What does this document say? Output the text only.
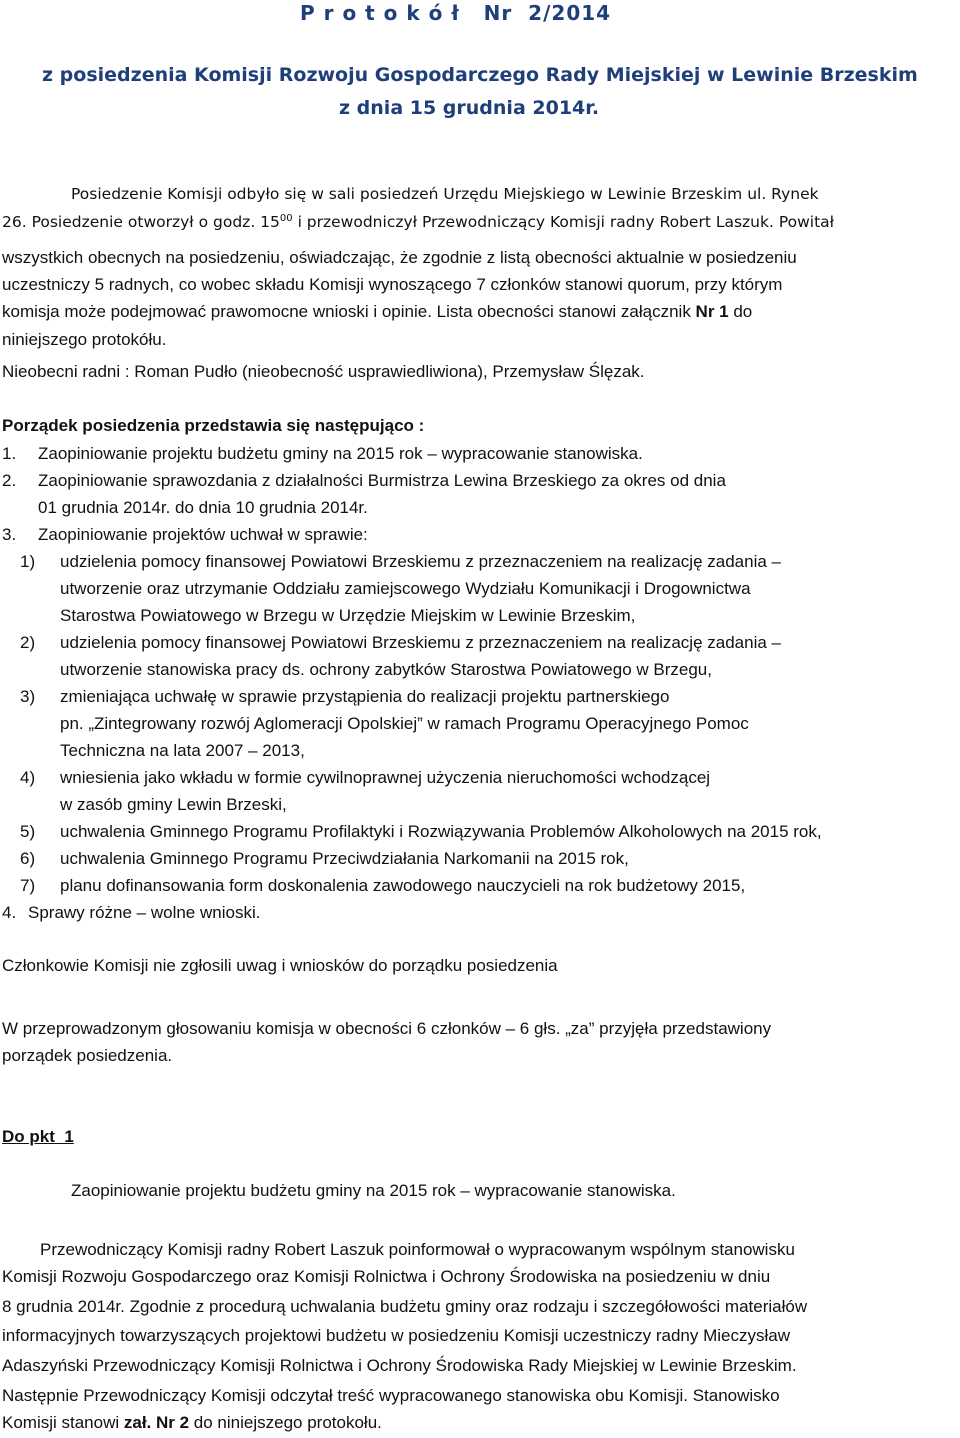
P r o t o k ó ł   Nr  2/2014
z posiedzenia Komisji Rozwoju Gospodarczego Rady Miejskiej w Lewinie Brzeskim
z dnia 15 grudnia 2014r.
Posiedzenie Komisji odbyło się w sali posiedzeń Urzędu Miejskiego w Lewinie Brzeskim ul. Rynek
26. Posiedzenie otworzył o godz. $15^{00}$ i przewodniczył Przewodniczący Komisji radny Robert Laszuk. Powitał
wszystkich obecnych na posiedzeniu, oświadczając, że zgodnie z listą obecności aktualnie w posiedzeniu
uczestniczy 5 radnych, co wobec składu Komisji wynoszącego 7 członków stanowi quorum, przy którym
komisja może podejmować prawomocne wnioski i opinie. Lista obecności stanowi załącznik Nr 1 do
niniejszego protokółu.
Nieobecni radni : Roman Pudło (nieobecność usprawiedliwiona), Przemysław Ślęzak.
Porządek posiedzenia przedstawia się następująco :
1. Zaopiniowanie projektu budżetu gminy na 2015 rok – wypracowanie stanowiska.
2. Zaopiniowanie sprawozdania z działalności Burmistrza Lewina Brzeskiego za okres od dnia
01 grudnia 2014r. do dnia 10 grudnia 2014r.
3. Zaopiniowanie projektów uchwał w sprawie:
1) udzielenia pomocy finansowej Powiatowi Brzeskiemu z przeznaczeniem na realizację zadania –
utworzenie oraz utrzymanie Oddziału zamiejscowego Wydziału Komunikacji i Drogownictwa
Starostwa Powiatowego w Brzegu w Urzędzie Miejskim w Lewinie Brzeskim,
2) udzielenia pomocy finansowej Powiatowi Brzeskiemu z przeznaczeniem na realizację zadania –
utworzenie stanowiska pracy ds. ochrony zabytków Starostwa Powiatowego w Brzegu,
3) zmieniająca uchwałę w sprawie przystąpienia do realizacji projektu partnerskiego
pn. „Zintegrowany rozwój Aglomeracji Opolskiej” w ramach Programu Operacyjnego Pomoc
Techniczna na lata 2007 – 2013,
4) wniesienia jako wkładu w formie cywilnoprawnej użyczenia nieruchomości wchodzącej
w zasób gminy Lewin Brzeski,
5) uchwalenia Gminnego Programu Profilaktyki i Rozwiązywania Problemów Alkoholowych na 2015 rok,
6) uchwalenia Gminnego Programu Przeciwdziałania Narkomanii na 2015 rok,
7) planu dofinansowania form doskonalenia zawodowego nauczycieli na rok budżetowy 2015,
4. Sprawy różne – wolne wnioski.
Członkowie Komisji nie zgłosili uwag i wniosków do porządku posiedzenia
W przeprowadzonym głosowaniu komisja w obecności 6 członków – 6 głs. „za” przyjęła przedstawiony
porządek posiedzenia.
Do pkt  1
Zaopiniowanie projektu budżetu gminy na 2015 rok – wypracowanie stanowiska.
Przewodniczący Komisji radny Robert Laszuk poinformował o wypracowanym wspólnym stanowisku
Komisji Rozwoju Gospodarczego oraz Komisji Rolnictwa i Ochrony Środowiska na posiedzeniu w dniu
8 grudnia 2014r. Zgodnie z procedurą uchwalania budżetu gminy oraz rodzaju i szczegółowości materiałów
informacyjnych towarzyszących projektowi budżetu w posiedzeniu Komisji uczestniczy radny Mieczysław
Adaszyński Przewodniczący Komisji Rolnictwa i Ochrony Środowiska Rady Miejskiej w Lewinie Brzeskim.
Następnie Przewodniczący Komisji odczytał treść wypracowanego stanowiska obu Komisji. Stanowisko
Komisji stanowi zał. Nr 2 do niniejszego protokołu.
